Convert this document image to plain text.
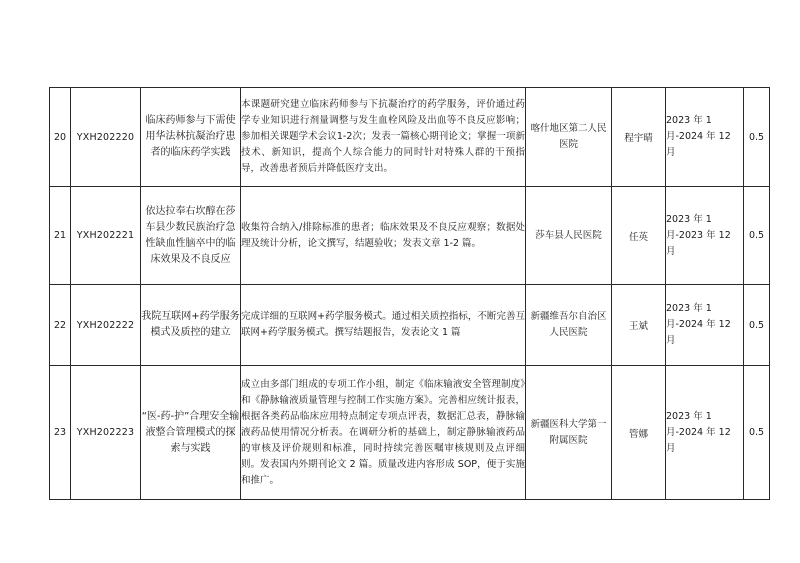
20	YXH202220	临床药师参与下需使用华法林抗凝治疗患者的临床药学实践	本课题研究建立临床药师参与下抗凝治疗的药学服务，评价通过药学专业知识进行剂量调整与发生血栓风险及出血等不良反应影响；参加相关课题学术会议1-2次；发表一篇核心期刊论文；掌握一项新技术、新知识，提高个人综合能力的同时针对特殊人群的干预指导，改善患者预后并降低医疗支出。	喀什地区第二人民医院	程宇晴	2023 年 1 月-2024 年 12 月	0.5
21	YXH202221	依达拉奉右坎醇在莎车县少数民族治疗急性缺血性脑卒中的临床效果及不良反应	收集符合纳入/排除标准的患者；临床效果及不良反应观察；数据处理及统计分析，论文撰写，结题验收；发表文章 1-2 篇。	莎车县人民医院	任英	2023 年 1 月-2023 年 12 月	0.5
22	YXH202222	我院互联网+药学服务模式及质控的建立	完成详细的互联网+药学服务模式。通过相关质控指标，不断完善互联网+药学服务模式。撰写结题报告，发表论文 1 篇	新疆维吾尔自治区人民医院	王斌	2023 年 1 月-2024 年 12 月	0.5
23	YXH202223	“医-药-护”合理安全输液整合管理模式的探索与实践	成立由多部门组成的专项工作小组，制定《临床输液安全管理制度》和《静脉输液质量管理与控制工作实施方案》。完善相应统计报表，根据各类药品临床应用特点制定专项点评表，数据汇总表，静脉输液药品使用情况分析表。在调研分析的基础上，制定静脉输液药品的审核及评价规则和标准，同时持续完善医嘱审核规则及点评细则。发表国内外期刊论文 2 篇。质量改进内容形成 SOP，便于实施和推广。	新疆医科大学第一附属医院	管娜	2023 年 1 月-2024 年 12 月	0.5
